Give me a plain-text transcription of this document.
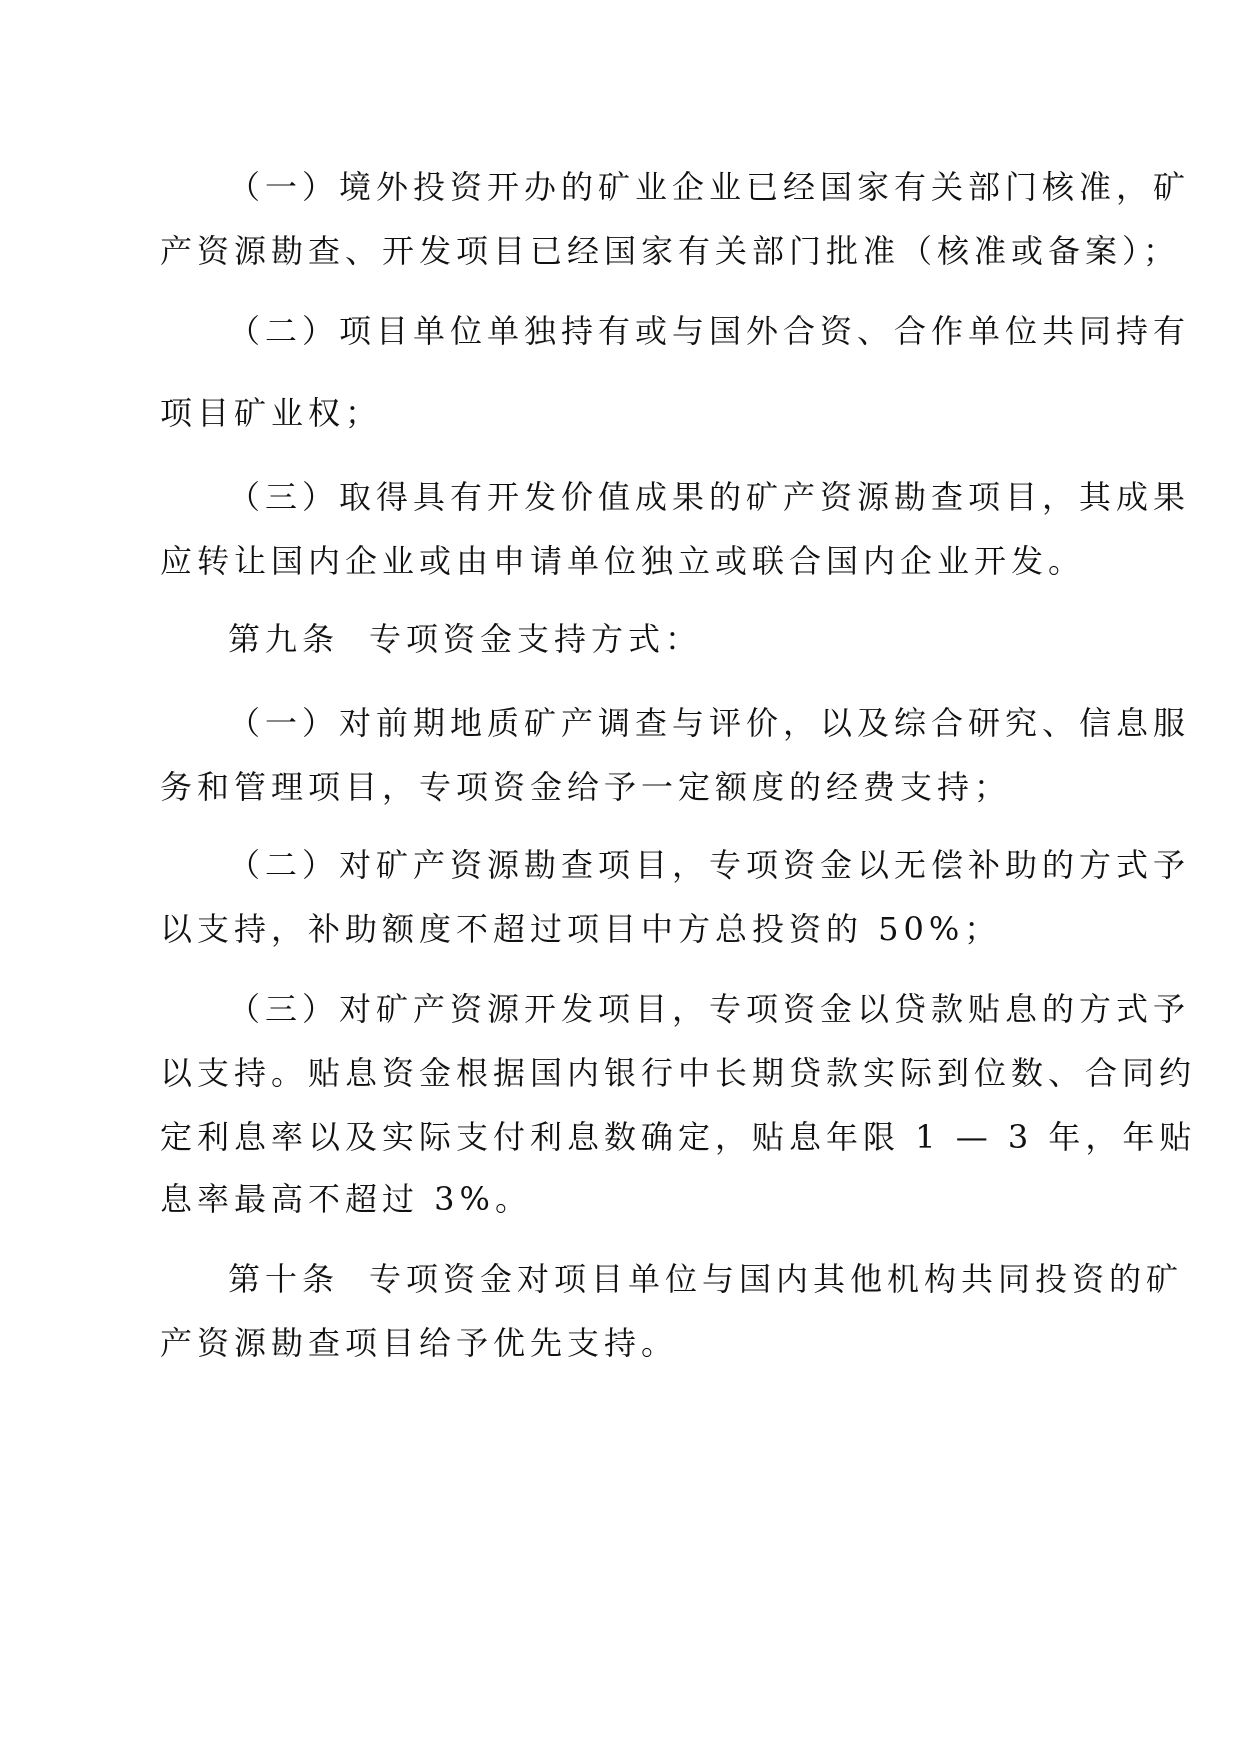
（一）境外投资开办的矿业企业已经国家有关部门核准，矿
产资源勘查、开发项目已经国家有关部门批准（核准或备案）；
（二）项目单位单独持有或与国外合资、合作单位共同持有
项目矿业权；
（三）取得具有开发价值成果的矿产资源勘查项目，其成果
应转让国内企业或由申请单位独立或联合国内企业开发。
第九条 专项资金支持方式：
（一）对前期地质矿产调查与评价，以及综合研究、信息服
务和管理项目，专项资金给予一定额度的经费支持；
（二）对矿产资源勘查项目，专项资金以无偿补助的方式予
以支持，补助额度不超过项目中方总投资的 50%；
（三）对矿产资源开发项目，专项资金以贷款贴息的方式予
以支持。贴息资金根据国内银行中长期贷款实际到位数、合同约
定利息率以及实际支付利息数确定，贴息年限 1 — 3 年，年贴
息率最高不超过 3%。
第十条 专项资金对项目单位与国内其他机构共同投资的矿
产资源勘查项目给予优先支持。
